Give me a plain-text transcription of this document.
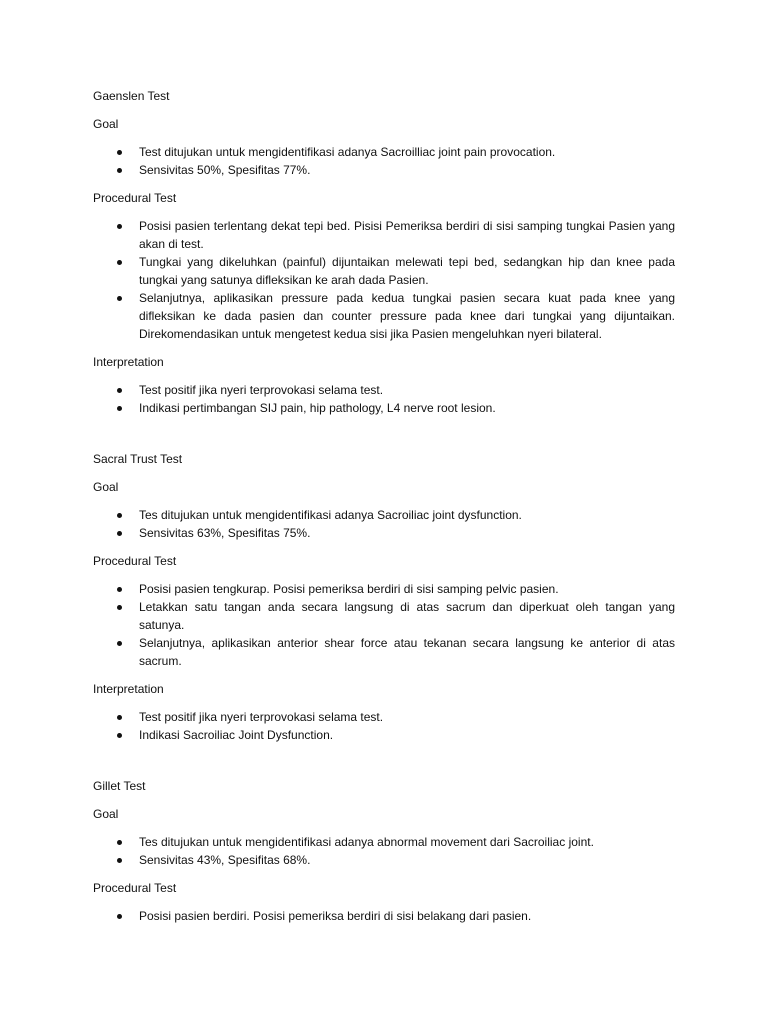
Gaenslen Test

Goal

Test ditujukan untuk mengidentifikasi adanya Sacroilliac joint pain provocation.
Sensivitas 50%, Spesifitas 77%.

Procedural Test

Posisi pasien terlentang dekat tepi bed. Pisisi Pemeriksa berdiri di sisi samping tungkai Pasien yang akan di test.
Tungkai yang dikeluhkan (painful) dijuntaikan melewati tepi bed, sedangkan hip dan knee pada tungkai yang satunya difleksikan ke arah dada Pasien.
Selanjutnya, aplikasikan pressure pada kedua tungkai pasien secara kuat pada knee yang difleksikan ke dada pasien dan counter pressure pada knee dari tungkai yang dijuntaikan. Direkomendasikan untuk mengetest kedua sisi jika Pasien mengeluhkan nyeri bilateral.

Interpretation

Test positif jika nyeri terprovokasi selama test.
Indikasi pertimbangan SIJ pain, hip pathology, L4 nerve root lesion.

Sacral Trust Test

Goal

Tes ditujukan untuk mengidentifikasi adanya Sacroiliac joint dysfunction.
Sensivitas 63%, Spesifitas 75%.

Procedural Test

Posisi pasien tengkurap. Posisi pemeriksa berdiri di sisi samping pelvic pasien.
Letakkan satu tangan anda secara langsung di atas sacrum dan diperkuat oleh tangan yang satunya.
Selanjutnya, aplikasikan anterior shear force atau tekanan secara langsung ke anterior di atas sacrum.

Interpretation

Test positif jika nyeri terprovokasi selama test.
Indikasi Sacroiliac Joint Dysfunction.

Gillet Test

Goal

Tes ditujukan untuk mengidentifikasi adanya abnormal movement dari Sacroiliac joint.
Sensivitas 43%, Spesifitas 68%.

Procedural Test

Posisi pasien berdiri. Posisi pemeriksa berdiri di sisi belakang dari pasien.
